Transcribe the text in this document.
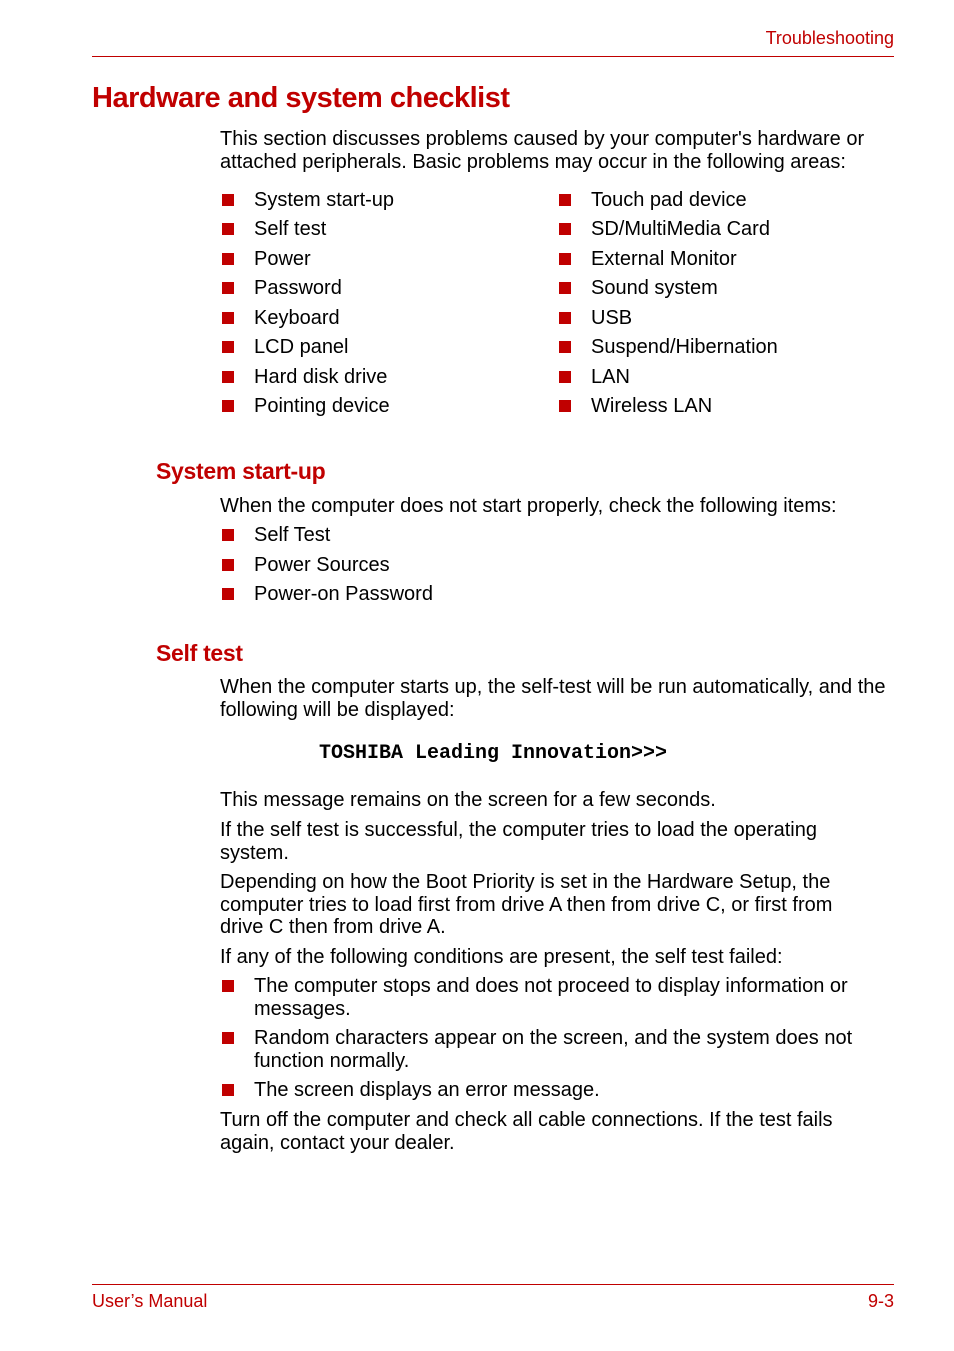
Troubleshooting
Hardware and system checklist

This section discusses problems caused by your computer's hardware or attached peripherals. Basic problems may occur in the following areas:

System start-up
Self test
Power
Password
Keyboard
LCD panel
Hard disk drive
Pointing device
Touch pad device
SD/MultiMedia Card
External Monitor
Sound system
USB
Suspend/Hibernation
LAN
Wireless LAN
System start-up

When the computer does not start properly, check the following items:

Self Test
Power Sources
Power-on Password
Self test

When the computer starts up, the self-test will be run automatically, and the following will be displayed:

TOSHIBA Leading Innovation>>>

This message remains on the screen for a few seconds.

If the self test is successful, the computer tries to load the operating system.

Depending on how the Boot Priority is set in the Hardware Setup, the computer tries to load first from drive A then from drive C, or first from drive C then from drive A.

If any of the following conditions are present, the self test failed:

The computer stops and does not proceed to display information or messages.
Random characters appear on the screen, and the system does not function normally.
The screen displays an error message.

Turn off the computer and check all cable connections. If the test fails again, contact your dealer.

User’s Manual	9-3
